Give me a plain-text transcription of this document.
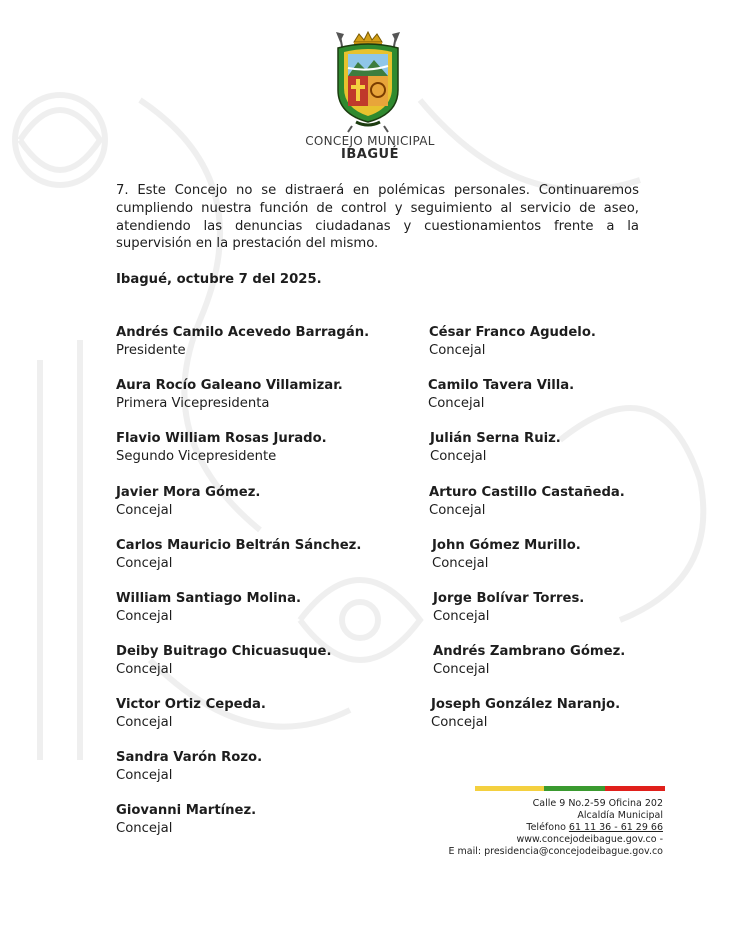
CONCEJO MUNICIPAL
IBAGUÉ
7. Este Concejo no se distraerá en polémicas personales. Continuaremos cumpliendo nuestra función de control y seguimiento al servicio de aseo, atendiendo las denuncias ciudadanas y cuestionamientos frente a la supervisión en la prestación del mismo.
Ibagué, octubre 7 del 2025.
Andrés Camilo Acevedo Barragán.
Presidente
Aura Rocío Galeano Villamizar.
Primera Vicepresidenta
Flavio William Rosas Jurado.
Segundo Vicepresidente
Javier Mora Gómez.
Concejal
Carlos Mauricio Beltrán Sánchez.
Concejal
William Santiago Molina.
Concejal
Deiby Buitrago Chicuasuque.
Concejal
Victor Ortiz Cepeda.
Concejal
Sandra Varón Rozo.
Concejal
Giovanni Martínez.
Concejal
César Franco Agudelo.
Concejal
Camilo Tavera Villa.
Concejal
Julián Serna Ruiz.
Concejal
Arturo Castillo Castañeda.
Concejal
John Gómez Murillo.
Concejal
Jorge Bolívar Torres.
Concejal
Andrés Zambrano Gómez.
Concejal
Joseph González Naranjo.
Concejal
Calle 9 No.2-59 Oficina 202
Alcaldía Municipal
Teléfono 61 11 36 - 61 29 66
www.concejodeibague.gov.co -
E mail: presidencia@concejodeibague.gov.co
